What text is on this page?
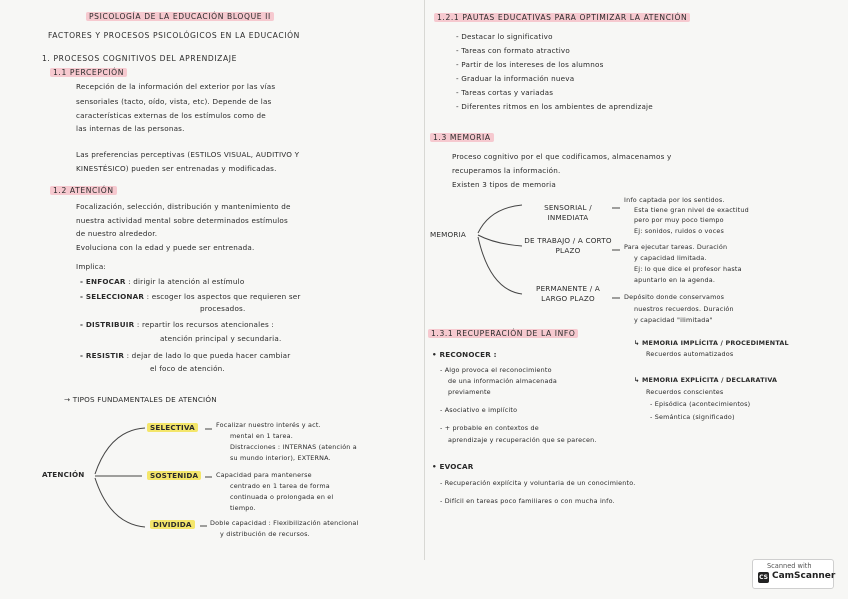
PSICOLOGÍA DE LA EDUCACIÓN BLOQUE II
FACTORES Y PROCESOS PSICOLÓGICOS EN LA EDUCACIÓN
1. PROCESOS COGNITIVOS DEL APRENDIZAJE
1.1 PERCEPCIÓN
Recepción de la información del exterior por las vías
sensoriales (tacto, oído, vista, etc). Depende de las
características externas de los estímulos como de
las internas de las personas.
Las preferencias perceptivas (ESTILOS VISUAL, AUDITIVO Y
KINESTÉSICO) pueden ser entrenadas y modificadas.
1.2 ATENCIÓN
Focalización, selección, distribución y mantenimiento de
nuestra actividad mental sobre determinados estímulos
de nuestro alrededor.
Evoluciona con la edad y puede ser entrenada.
Implica:
- ENFOCAR : dirigir la atención al estímulo
- SELECCIONAR : escoger los aspectos que requieren ser
procesados.
- DISTRIBUIR : repartir los recursos atencionales :
atención principal y secundaria.
- RESISTIR : dejar de lado lo que pueda hacer cambiar
el foco de atención.
→ TIPOS FUNDAMENTALES DE ATENCIÓN
ATENCIÓN
SELECTIVA	Focalizar nuestro interés y act.
mental en 1 tarea.
Distracciones : INTERNAS (atención a
su mundo interior), EXTERNA.
SOSTENIDA	Capacidad para mantenerse
centrado en 1 tarea de forma
continuada o prolongada en el
tiempo.
DIVIDIDA	Doble capacidad : Flexibilización atencional
y distribución de recursos.
1.2.1 PAUTAS EDUCATIVAS PARA OPTIMIZAR LA ATENCIÓN
- Destacar lo significativo
- Tareas con formato atractivo
- Partir de los intereses de los alumnos
- Graduar la información nueva
- Tareas cortas y variadas
- Diferentes ritmos en los ambientes de aprendizaje
1.3 MEMORIA
Proceso cognitivo por el que codificamos, almacenamos y
recuperamos la información.
Existen 3 tipos de memoria
MEMORIA
SENSORIAL / INMEDIATA
Info captada por los sentidos.
Esta tiene gran nivel de exactitud
pero por muy poco tiempo
Ej: sonidos, ruidos o voces
DE TRABAJO / A CORTO PLAZO	Para ejecutar tareas. Duración
y capacidad limitada.
Ej: lo que dice el profesor hasta
apuntarlo en la agenda.
PERMANENTE / A LARGO PLAZO	Depósito donde conservamos
nuestros recuerdos. Duración
y capacidad "ilimitada"
↳ MEMORIA IMPLÍCITA / PROCEDIMENTAL
Recuerdos automatizados
↳ MEMORIA EXPLÍCITA / DECLARATIVA
Recuerdos conscientes
- Episódica (acontecimientos)
- Semántica (significado)
1.3.1 RECUPERACIÓN DE LA INFO
• RECONOCER :
- Algo provoca el reconocimiento
de una información almacenada
previamente
- Asociativo e implícito
- + probable en contextos de
aprendizaje y recuperación que se parecen.
• EVOCAR
- Recuperación explícita y voluntaria de un conocimiento.
- Difícil en tareas poco familiares o con mucha info.
Scanned with
CS CamScanner
